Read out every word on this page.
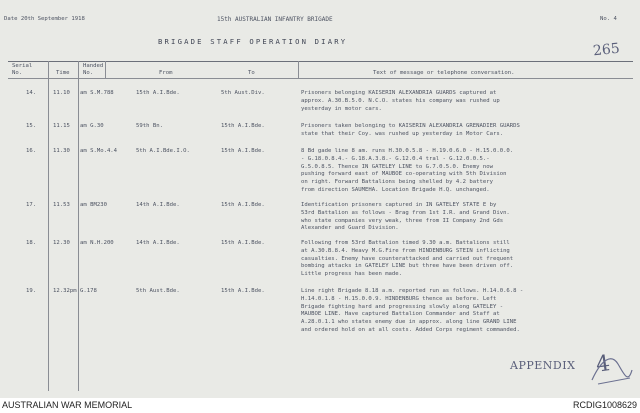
Date 20th September 1918	15th AUSTRALIAN INFANTRY BRIGADE	No. 4
BRIGADE STAFF OPERATION DIARY	265
Serial
No.	Time
Handed
No.	From	To	Text of message or telephone conversation.
14.	11.10 am S.M.788	15th A.I.Bde.	5th Aust.Div.	Prisoners belonging KAISERIN ALEXANDRIA GUARDS captured at
approx. A.30.B.5.0. N.C.O. states his company was rushed up
yesterday in motor cars.
15.	11.15 am G.30	59th Bn.	15th A.I.Bde.	Prisoners taken belonging to KAISERIN ALEXANDRIA GRENADIER GUARDS
state that their Coy. was rushed up yesterday in Motor Cars.
16.	11.30 am S.Mo.4.4	5th A.I.Bde.I.O.	15th A.I.Bde.	8 Bd gade line 8 am. runs H.30.0.5.8 - H.19.0.6.0 - H.15.0.0.0.
- G.18.0.8.4.- G.18.A.3.8.- G.12.0.4 tral - G.12.0.0.5.-
G.5.0.8.5. Thence IN GATELEY LINE to G.7.0.5.0. Enemy now
pushing forward east of MAUBOE co-operating with 5th Division
on right. Forward Battalions being shelled by 4.2 battery
from direction SAUMEHA. Location Brigade H.Q. unchanged.
17.	11.53 am BM230	14th A.I.Bde.	15th A.I.Bde.	Identification prisoners captured in IN GATELEY STATE E by
53rd Battalion as follows - Brag from 1st I.R. and Grand Divn.
who state companies very weak, three from II Company 2nd Gds
Alexander and Guard Division.
18.	12.30 am N.H.200	14th A.I.Bde.	15th A.I.Bde.	Following from 53rd Battalion timed 9.30 a.m. Battalions still
at A.30.B.8.4. Heavy M.G.Fire from HINDENBURG STEIN inflicting
casualties. Enemy have counterattacked and carried out frequent
bombing attacks in GATELEY LINE but three have been driven off.
Little progress has been made.
19.	12.32pm G.178	5th Aust.Bde.	15th A.I.Bde.	Line right Brigade 8.18 a.m. reported run as follows. H.14.0.6.8 -
H.14.0.1.8 - H.15.0.0.9. HINDENBURG thence as before. Left
Brigade fighting hard and progressing slowly along GATELEY -
MAUBOE LINE. Have captured Battalion Commander and Staff at
A.28.0.1.1 who states enemy due in approx. along line GRAND LINE
and ordered hold on at all costs. Added Corps regiment commanded.
APPENDIX 4
AUSTRALIAN WAR MEMORIAL	RCDIG1008629
